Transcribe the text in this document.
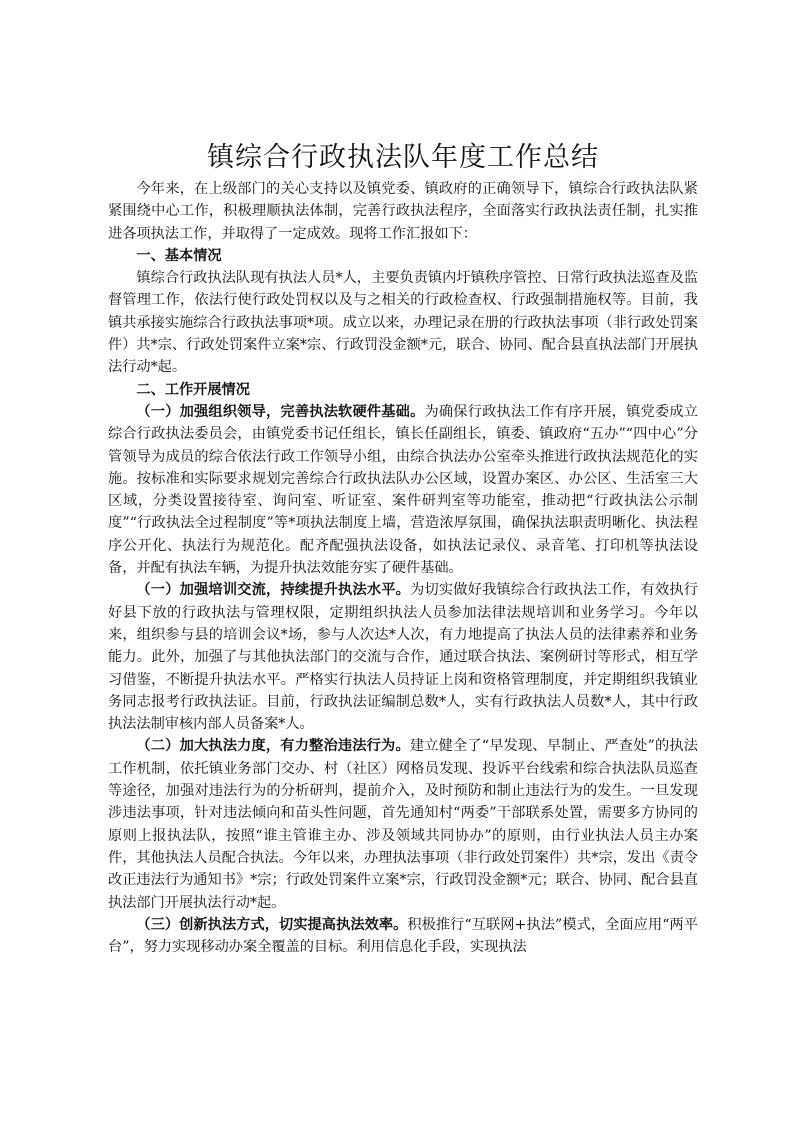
镇综合行政执法队年度工作总结

今年来，在上级部门的关心支持以及镇党委、镇政府的正确领导下，镇综合行政执法队紧紧围绕中心工作，积极理顺执法体制，完善行政执法程序，全面落实行政执法责任制，扎实推进各项执法工作，并取得了一定成效。现将工作汇报如下：

一、基本情况

镇综合行政执法队现有执法人员*人，主要负责镇内圩镇秩序管控、日常行政执法巡查及监督管理工作，依法行使行政处罚权以及与之相关的行政检查权、行政强制措施权等。目前，我镇共承接实施综合行政执法事项*项。成立以来，办理记录在册的行政执法事项（非行政处罚案件）共*宗、行政处罚案件立案*宗、行政罚没金额*元，联合、协同、配合县直执法部门开展执法行动*起。

二、工作开展情况

（一）加强组织领导，完善执法软硬件基础。为确保行政执法工作有序开展，镇党委成立综合行政执法委员会，由镇党委书记任组长，镇长任副组长，镇委、镇政府“五办”“四中心”分管领导为成员的综合依法行政工作领导小组，由综合执法办公室牵头推进行政执法规范化的实施。按标准和实际要求规划完善综合行政执法队办公区域，设置办案区、办公区、生活室三大区域，分类设置接待室、询问室、听证室、案件研判室等功能室，推动把“行政执法公示制度”“行政执法全过程制度”等*项执法制度上墙，营造浓厚氛围，确保执法职责明晰化、执法程序公开化、执法行为规范化。配齐配强执法设备，如执法记录仪、录音笔、打印机等执法设备，并配有执法车辆，为提升执法效能夯实了硬件基础。

（一）加强培训交流，持续提升执法水平。为切实做好我镇综合行政执法工作，有效执行好县下放的行政执法与管理权限，定期组织执法人员参加法律法规培训和业务学习。今年以来，组织参与县的培训会议*场，参与人次达*人次，有力地提高了执法人员的法律素养和业务能力。此外，加强了与其他执法部门的交流与合作，通过联合执法、案例研讨等形式，相互学习借鉴，不断提升执法水平。严格实行执法人员持证上岗和资格管理制度，并定期组织我镇业务同志报考行政执法证。目前，行政执法证编制总数*人，实有行政执法人员数*人，其中行政执法法制审核内部人员备案*人。

（二）加大执法力度，有力整治违法行为。建立健全了“早发现、早制止、严查处”的执法工作机制，依托镇业务部门交办、村（社区）网格员发现、投诉平台线索和综合执法队员巡查等途径，加强对违法行为的分析研判，提前介入，及时预防和制止违法行为的发生。一旦发现涉违法事项，针对违法倾向和苗头性问题，首先通知村“两委”干部联系处置，需要多方协同的原则上报执法队，按照“谁主管谁主办、涉及领域共同协办”的原则，由行业执法人员主办案件，其他执法人员配合执法。今年以来，办理执法事项（非行政处罚案件）共*宗，发出《责令改正违法行为通知书》*宗；行政处罚案件立案*宗，行政罚没金额*元；联合、协同、配合县直执法部门开展执法行动*起。

（三）创新执法方式，切实提高执法效率。积极推行“互联网+执法”模式，全面应用“两平台”，努力实现移动办案全覆盖的目标。利用信息化手段，实现执法
